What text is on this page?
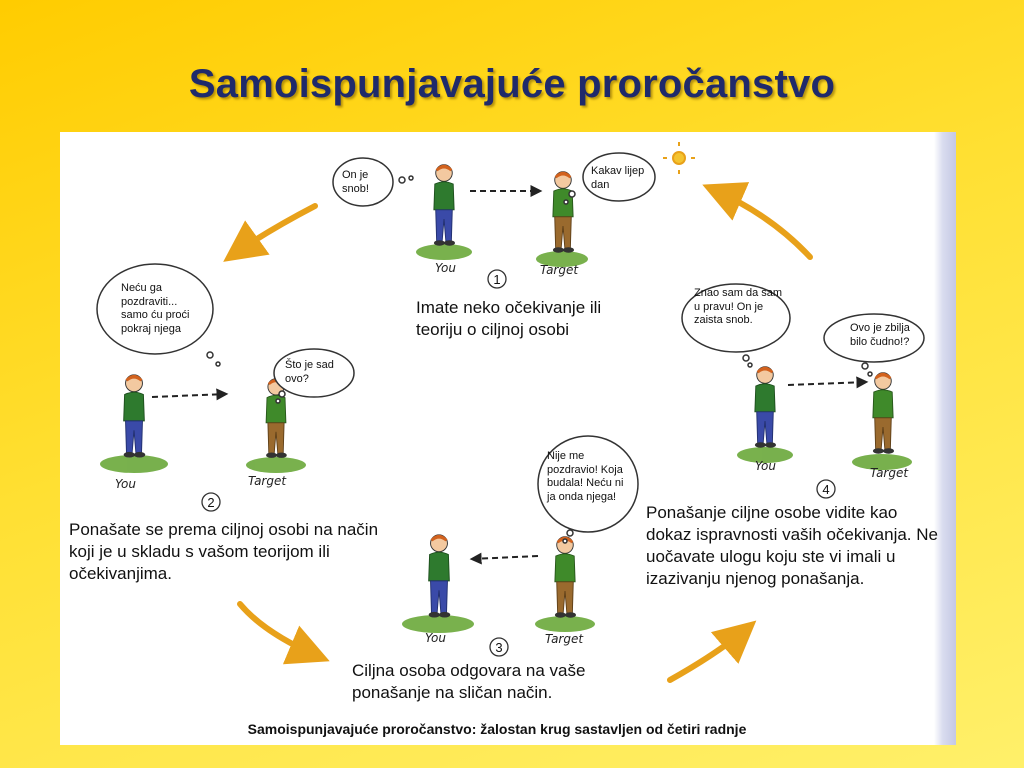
Samoispunjavajuće proročanstvo
1
2
3
4
You	Target
You	Target
You	Target
You	Target
On je snob!
Kakav lijep dan
Neću ga pozdraviti... samo ću proći pokraj njega
Što je sad ovo?
Nije me pozdravio! Koja budala! Neću ni ja onda njega!
Znao sam da sam u pravu! On je zaista snob.
Ovo je zbilja bilo čudno!?
Imate neko očekivanje ili teoriju o ciljnoj osobi
Ponašate se prema ciljnoj osobi na način koji je u skladu s vašom teorijom ili očekivanjima.
Ciljna osoba odgovara na vaše ponašanje na sličan način.
Ponašanje ciljne osobe vidite kao dokaz ispravnosti vaših očekivanja. Ne uočavate ulogu koju ste vi imali u izazivanju njenog ponašanja.
Samoispunjavajuće proročanstvo: žalostan krug sastavljen od četiri radnje
